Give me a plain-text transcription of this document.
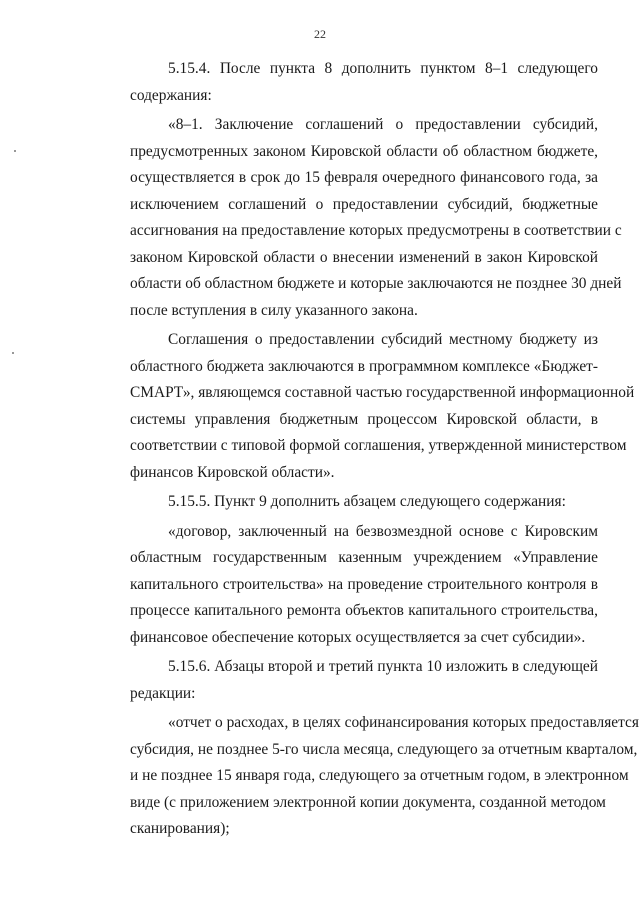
22
5.15.4. После пункта 8 дополнить пунктом 8–1 следующего
содержания:
«8–1. Заключение соглашений о предоставлении субсидий,
предусмотренных законом Кировской области об областном бюджете,
осуществляется в срок до 15 февраля очередного финансового года, за
исключением соглашений о предоставлении субсидий, бюджетные
ассигнования на предоставление которых предусмотрены в соответствии с
законом Кировской области о внесении изменений в закон Кировской
области об областном бюджете и которые заключаются не позднее 30 дней
после вступления в силу указанного закона.
Соглашения о предоставлении субсидий местному бюджету из
областного бюджета заключаются в программном комплексе «Бюджет-
СМАРТ», являющемся составной частью государственной информационной
системы управления бюджетным процессом Кировской области, в
соответствии с типовой формой соглашения, утвержденной министерством
финансов Кировской области».
5.15.5. Пункт 9 дополнить абзацем следующего содержания:
«договор, заключенный на безвозмездной основе с Кировским
областным государственным казенным учреждением «Управление
капитального строительства» на проведение строительного контроля в
процессе капитального ремонта объектов капитального строительства,
финансовое обеспечение которых осуществляется за счет субсидии».
5.15.6. Абзацы второй и третий пункта 10 изложить в следующей
редакции:
«отчет о расходах, в целях софинансирования которых предоставляется
субсидия, не позднее 5-го числа месяца, следующего за отчетным кварталом,
и не позднее 15 января года, следующего за отчетным годом, в электронном
виде (с приложением электронной копии документа, созданной методом
сканирования);
